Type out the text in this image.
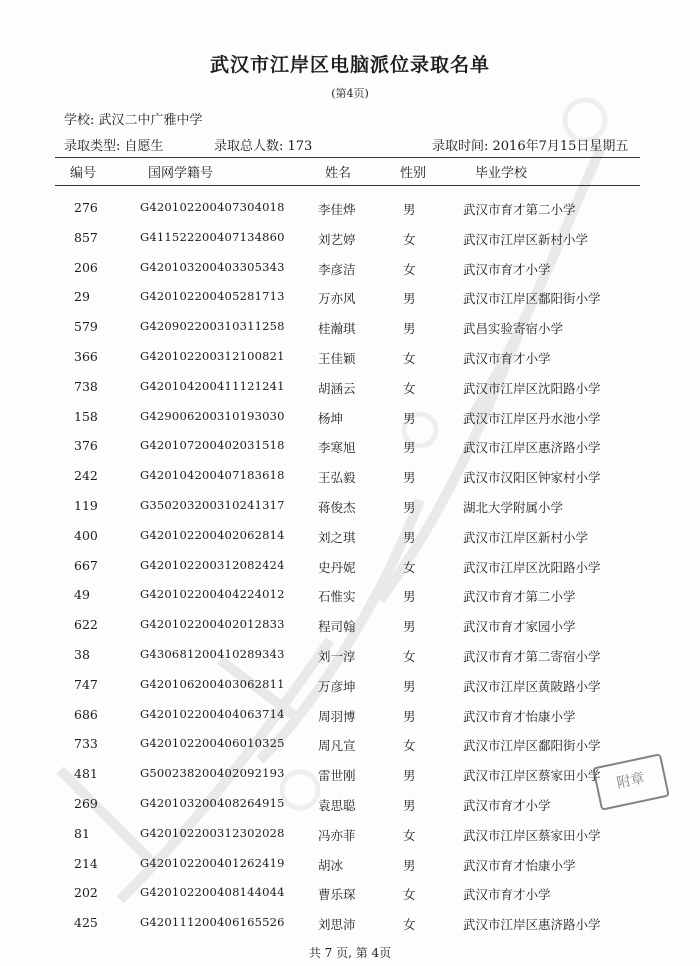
武汉市江岸区电脑派位录取名单
(第4页)
学校: 武汉二中广雅中学
录取类型: 自愿生	录取总人数: 173	录取时间: 2016年7月15日星期五
编号	国网学籍号	姓名	性别	毕业学校
276	G420102200407304018	李佳烨	男	武汉市育才第二小学
857	G411522200407134860	刘艺婷	女	武汉市江岸区新村小学
206	G420103200403305343	李彦洁	女	武汉市育才小学
29	G420102200405281713	万亦风	男	武汉市江岸区鄱阳街小学
579	G420902200310311258	桂瀚琪	男	武昌实验寄宿小学
366	G420102200312100821	王佳颖	女	武汉市育才小学
738	G420104200411121241	胡涵云	女	武汉市江岸区沈阳路小学
158	G429006200310193030	杨坤	男	武汉市江岸区丹水池小学
376	G420107200402031518	李寒旭	男	武汉市江岸区惠济路小学
242	G420104200407183618	王弘毅	男	武汉市汉阳区钟家村小学
119	G350203200310241317	蒋俊杰	男	湖北大学附属小学
400	G420102200402062814	刘之琪	男	武汉市江岸区新村小学
667	G420102200312082424	史丹妮	女	武汉市江岸区沈阳路小学
49	G420102200404224012	石惟实	男	武汉市育才第二小学
622	G420102200402012833	程司翰	男	武汉市育才家园小学
38	G430681200410289343	刘一淳	女	武汉市育才第二寄宿小学
747	G420106200403062811	万彦坤	男	武汉市江岸区黄陂路小学
686	G420102200404063714	周羽博	男	武汉市育才怡康小学
733	G420102200406010325	周凡宣	女	武汉市江岸区鄱阳街小学
481	G500238200402092193	雷世刚	男	武汉市江岸区蔡家田小学
269	G420103200408264915	袁思聪	男	武汉市育才小学
81	G420102200312302028	冯亦菲	女	武汉市江岸区蔡家田小学
214	G420102200401262419	胡冰	男	武汉市育才怡康小学
202	G420102200408144044	曹乐琛	女	武汉市育才小学
425	G420111200406165526	刘思沛	女	武汉市江岸区惠济路小学
附章
共 7 页, 第 4页
